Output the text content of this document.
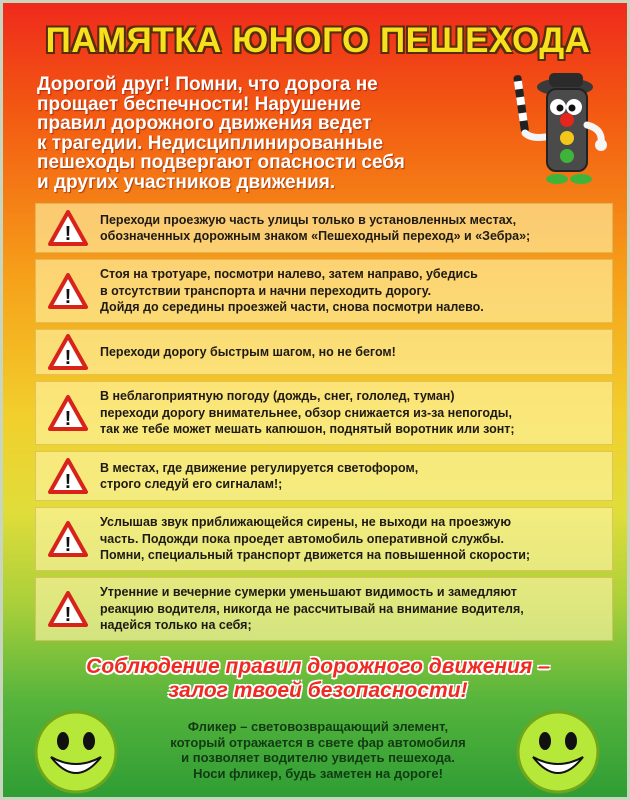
ПАМЯТКА ЮНОГО ПЕШЕХОДА
Дорогой друг! Помни, что дорога не
прощает беспечности! Нарушение
правил дорожного движения ведет
к трагедии. Недисциплинированные
пешеходы подвергают опасности себя
и других участников движения.
!
Переходи проезжую часть улицы только в установленных местах,
обозначенных дорожным знаком «Пешеходный переход» и «Зебра»;
!
Стоя на тротуаре, посмотри налево, затем направо, убедись
в отсутствии транспорта и начни переходить дорогу.
Дойдя до середины проезжей части, снова посмотри налево.
! Переходи дорогу быстрым шагом, но не бегом!
!
В неблагоприятную погоду (дождь, снег, гололед, туман)
переходи дорогу внимательнее, обзор снижается из-за непогоды,
так же тебе может мешать капюшон, поднятый воротник или зонт;
!
В местах, где движение регулируется светофором,
строго следуй его сигналам!;
!
Услышав звук приближающейся сирены, не выходи на проезжую
часть. Подожди пока проедет автомобиль оперативной службы.
Помни, специальный транспорт движется на повышенной скорости;
!
Утренние и вечерние сумерки уменьшают видимость и замедляют
реакцию водителя, никогда не рассчитывай на внимание водителя,
надейся только на себя;
Соблюдение правил дорожного движения –
залог твоей безопасности!
Фликер – световозвращающий элемент,
который отражается в свете фар автомобиля
и позволяет водителю увидеть пешехода.
Носи фликер, будь заметен на дороге!
